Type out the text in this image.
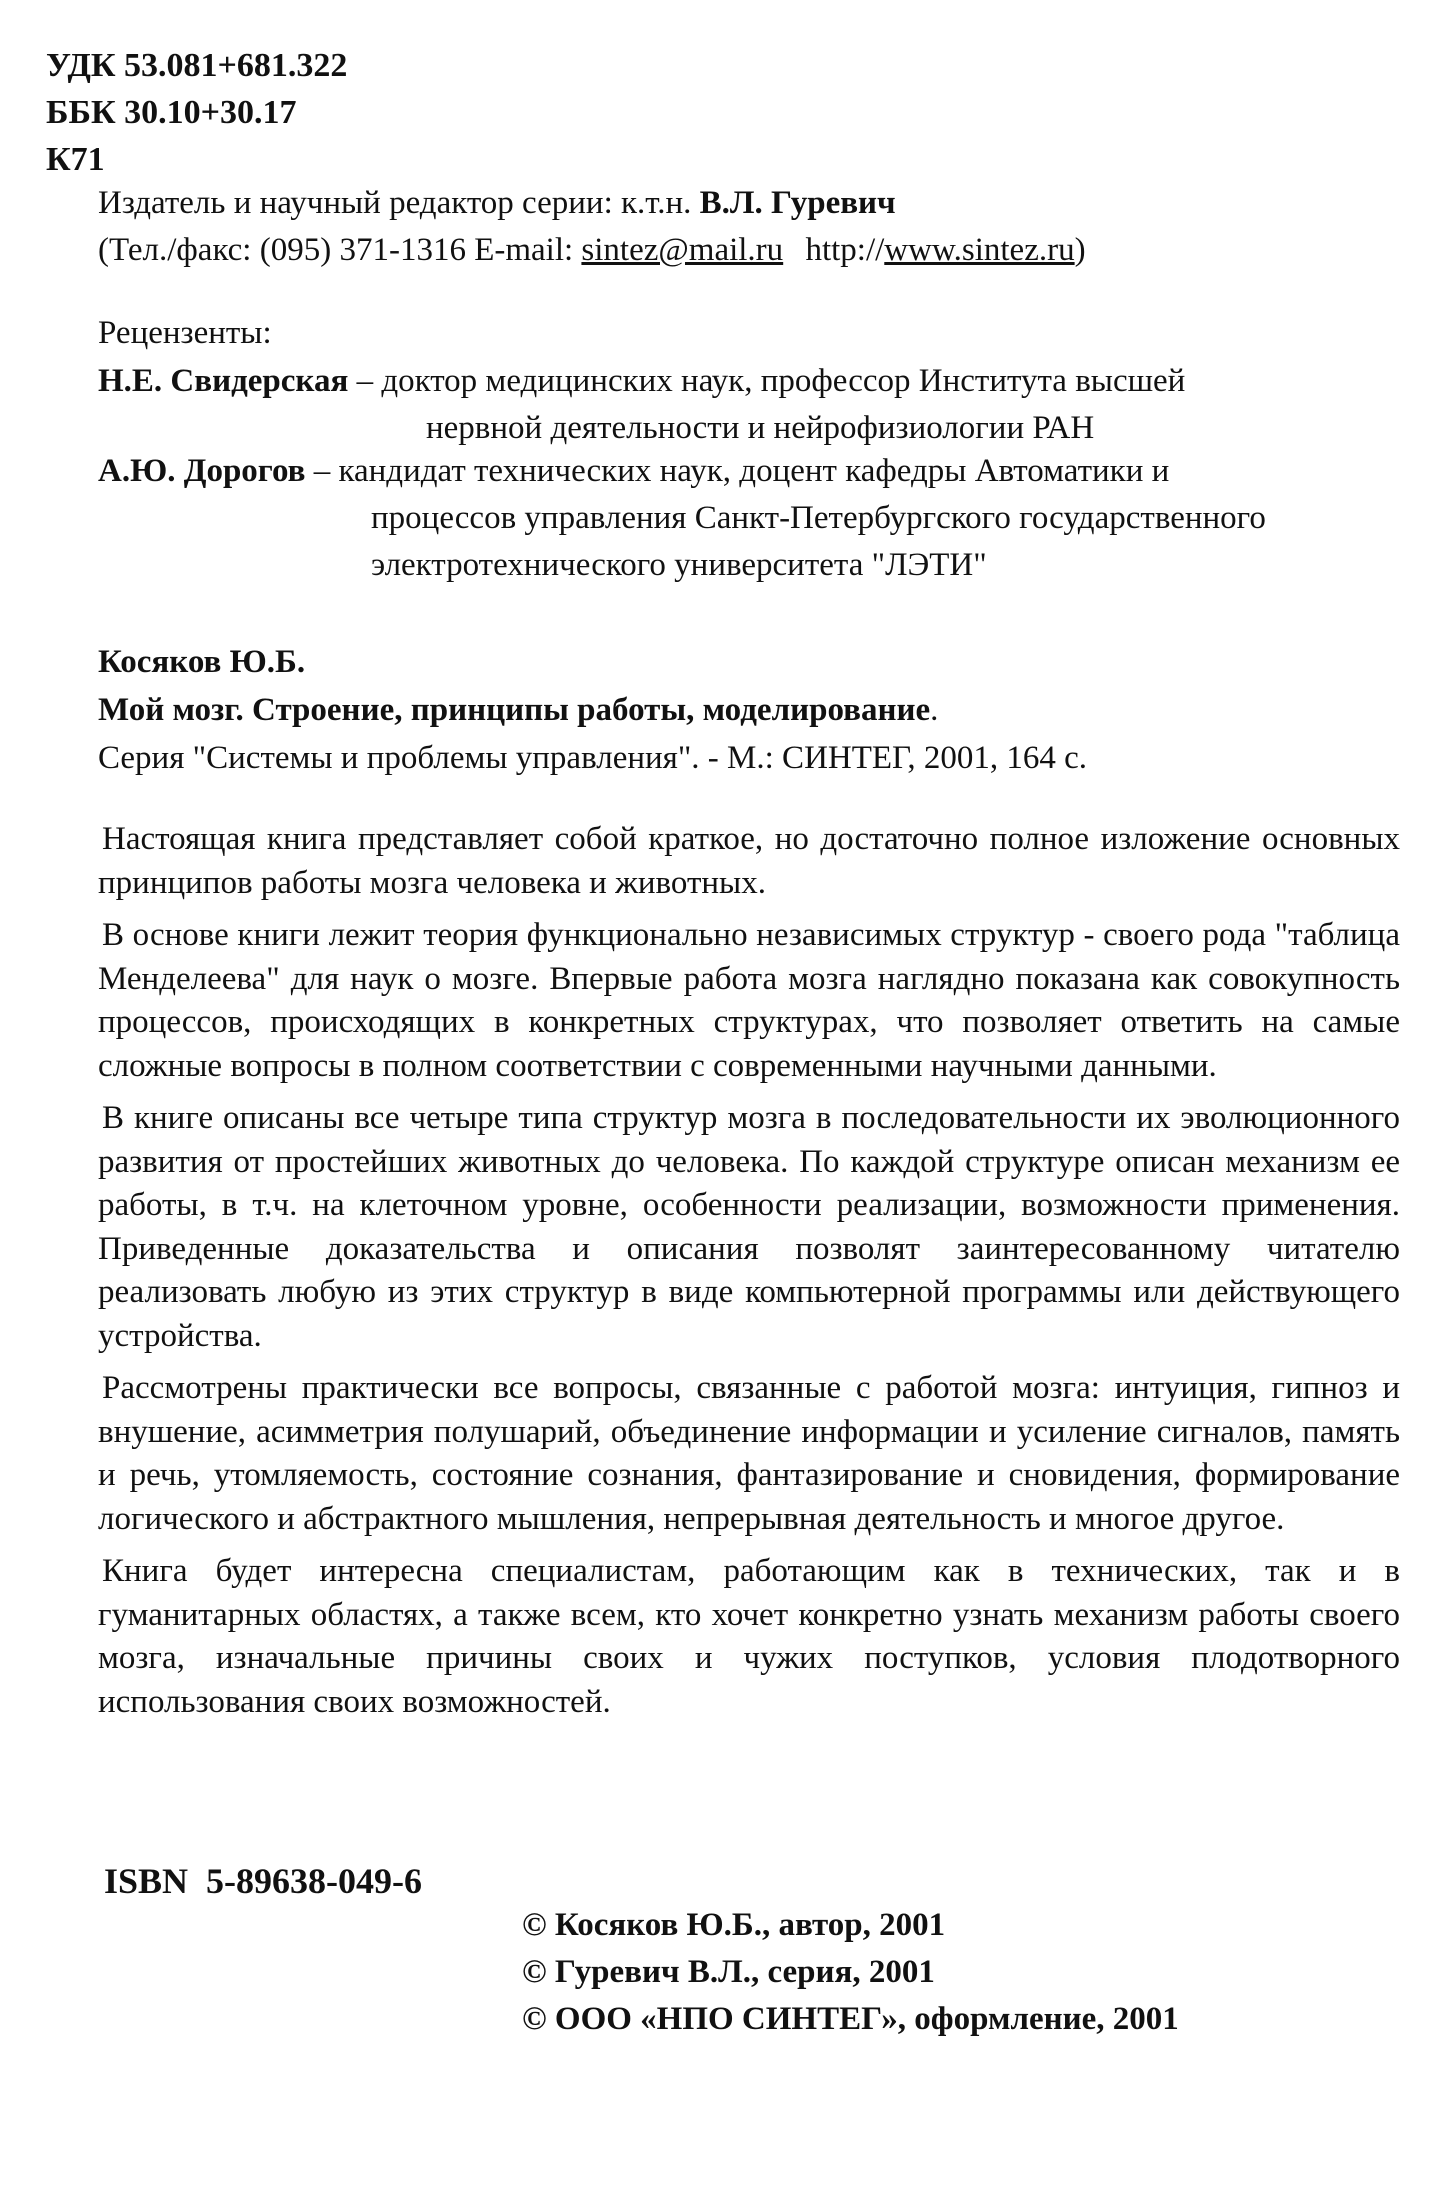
УДК 53.081+681.322
ББК 30.10+30.17
К71
Издатель и научный редактор серии: к.т.н. В.Л. Гуревич
(Тел./факс: (095) 371-1316 E-mail: sintez@mail.ru http://www.sintez.ru)
Рецензенты:
Н.Е. Свидерская – доктор медицинских наук, профессор Института высшей
нервной деятельности и нейрофизиологии РАН
А.Ю. Дорогов – кандидат технических наук, доцент кафедры Автоматики и
процессов управления Санкт-Петербургского государственного
электротехнического университета "ЛЭТИ"
Косяков Ю.Б.
Мой мозг. Строение, принципы работы, моделирование.
Серия "Системы и проблемы управления". - М.: СИНТЕГ, 2001, 164 с.

Настоящая книга представляет собой краткое, но достаточно полное изложение основных принципов работы мозга человека и животных.

В основе книги лежит теория функционально независимых структур - своего рода "таблица Менделеева" для наук о мозге. Впервые работа мозга наглядно показана как совокупность процессов, происходящих в конкретных структурах, что позволяет ответить на самые сложные вопросы в полном соответствии с современными научными данными.

В книге описаны все четыре типа структур мозга в последовательности их эволюционного развития от простейших животных до человека. По каждой структуре описан механизм ее работы, в т.ч. на клеточном уровне, особенности реализации, возможности применения. Приведенные доказательства и описания позволят заинтересованному читателю реализовать любую из этих структур в виде компьютерной программы или действующего устройства.

Рассмотрены практически все вопросы, связанные с работой мозга: интуиция, гипноз и внушение, асимметрия полушарий, объединение информации и усиление сигналов, память и речь, утомляемость, состояние сознания, фантазирование и сновидения, формирование логического и абстрактного мышления, непрерывная деятельность и многое другое.

Книга будет интересна специалистам, работающим как в технических, так и в гуманитарных областях, а также всем, кто хочет конкретно узнать механизм работы своего мозга, изначальные причины своих и чужих поступков, условия плодотворного использования своих возможностей.

ISBN  5-89638-049-6
© Косяков Ю.Б., автор, 2001
© Гуревич В.Л., серия, 2001
© ООО «НПО СИНТЕГ», оформление, 2001
